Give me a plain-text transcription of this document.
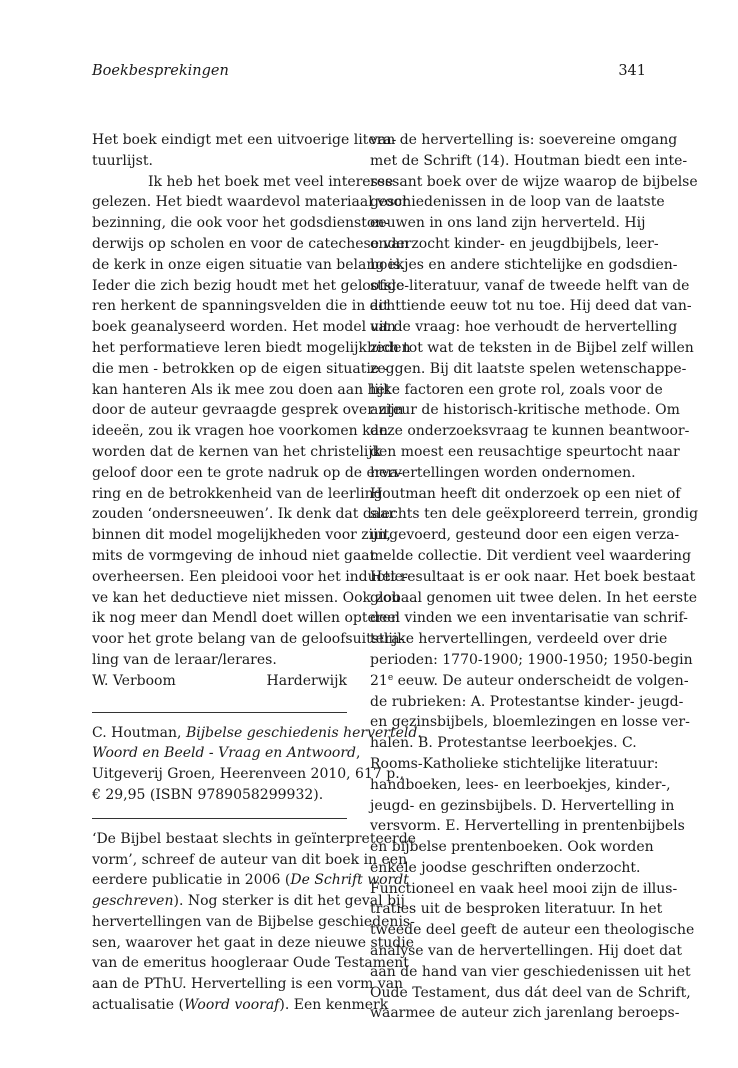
Boekbesprekingen	341
Het boek eindigt met een uitvoerige litera-
tuurlijst.
Ik heb het boek met veel interesse
gelezen. Het biedt waardevol materiaal voor
bezinning, die ook voor het godsdienston-
derwijs op scholen en voor de catechese van
de kerk in onze eigen situatie van belang is.
Ieder die zich bezig houdt met het geloofsle-
ren herkent de spanningsvelden die in dit
boek geanalyseerd worden. Het model van
het performatieve leren biedt mogelijkheden
die men - betrokken op de eigen situatie -
kan hanteren Als ik mee zou doen aan het
door de auteur gevraagde gesprek over zijn
ideeën, zou ik vragen hoe voorkomen kan
worden dat de kernen van het christelijk
geloof door een te grote nadruk op de erva-
ring en de betrokkenheid van de leerling
zouden ‘ondersneeuwen’. Ik denk dat daar
binnen dit model mogelijkheden voor zijn,
mits de vormgeving de inhoud niet gaat
overheersen. Een pleidooi voor het inductie-
ve kan het deductieve niet missen. Ook zou
ik nog meer dan Mendl doet willen opteren
voor het grote belang van de geloofsuitstra-
ling van de leraar/lerares.
W. Verboom	Harderwijk
C. Houtman, Bijbelse geschiedenis herverteld.
Woord en Beeld - Vraag en Antwoord,
Uitgeverij Groen, Heerenveen 2010, 617 p.,
€ 29,95 (ISBN 9789058299932).
‘De Bijbel bestaat slechts in geïnterpreteerde
vorm’, schreef de auteur van dit boek in een
eerdere publicatie in 2006 (De Schrift wordt
geschreven). Nog sterker is dit het geval bij
hervertellingen van de Bijbelse geschiedenis-
sen, waarover het gaat in deze nieuwe studie
van de emeritus hoogleraar Oude Testament
aan de PThU. Hervertelling is een vorm van
actualisatie (Woord vooraf). Een kenmerk
van de hervertelling is: soevereine omgang
met de Schrift (14). Houtman biedt een inte-
ressant boek over de wijze waarop de bijbelse
geschiedenissen in de loop van de laatste
eeuwen in ons land zijn herverteld. Hij
onderzocht kinder- en jeugdbijbels, leer-
boekjes en andere stichtelijke en godsdien-
stige literatuur, vanaf de tweede helft van de
achttiende eeuw tot nu toe. Hij deed dat van-
uit de vraag: hoe verhoudt de hervertelling
zich tot wat de teksten in de Bijbel zelf willen
zeggen. Bij dit laatste spelen wetenschappe-
lijke factoren een grote rol, zoals voor de
auteur de historisch-kritische methode. Om
deze onderzoeksvraag te kunnen beantwoor-
den moest een reusachtige speurtocht naar
hervertellingen worden ondernomen.
Houtman heeft dit onderzoek op een niet of
slechts ten dele geëxploreerd terrein, grondig
uitgevoerd, gesteund door een eigen verza-
melde collectie. Dit verdient veel waardering
Het resultaat is er ook naar. Het boek bestaat
globaal genomen uit twee delen. In het eerste
deel vinden we een inventarisatie van schrif-
telijke hervertellingen, verdeeld over drie
perioden: 1770-1900; 1900-1950; 1950-begin
21e eeuw. De auteur onderscheidt de volgen-
de rubrieken: A. Protestantse kinder- jeugd-
en gezinsbijbels, bloemlezingen en losse ver-
halen. B. Protestantse leerboekjes. C.
Rooms-Katholieke stichtelijke literatuur:
handboeken, lees- en leerboekjes, kinder-,
jeugd- en gezinsbijbels. D. Hervertelling in
versvorm. E. Hervertelling in prentenbijbels
en bijbelse prentenboeken. Ook worden
enkele joodse geschriften onderzocht.
Functioneel en vaak heel mooi zijn de illus-
traties uit de besproken literatuur. In het
tweede deel geeft de auteur een theologische
analyse van de hervertellingen. Hij doet dat
aan de hand van vier geschiedenissen uit het
Oude Testament, dus dát deel van de Schrift,
waarmee de auteur zich jarenlang beroeps-
